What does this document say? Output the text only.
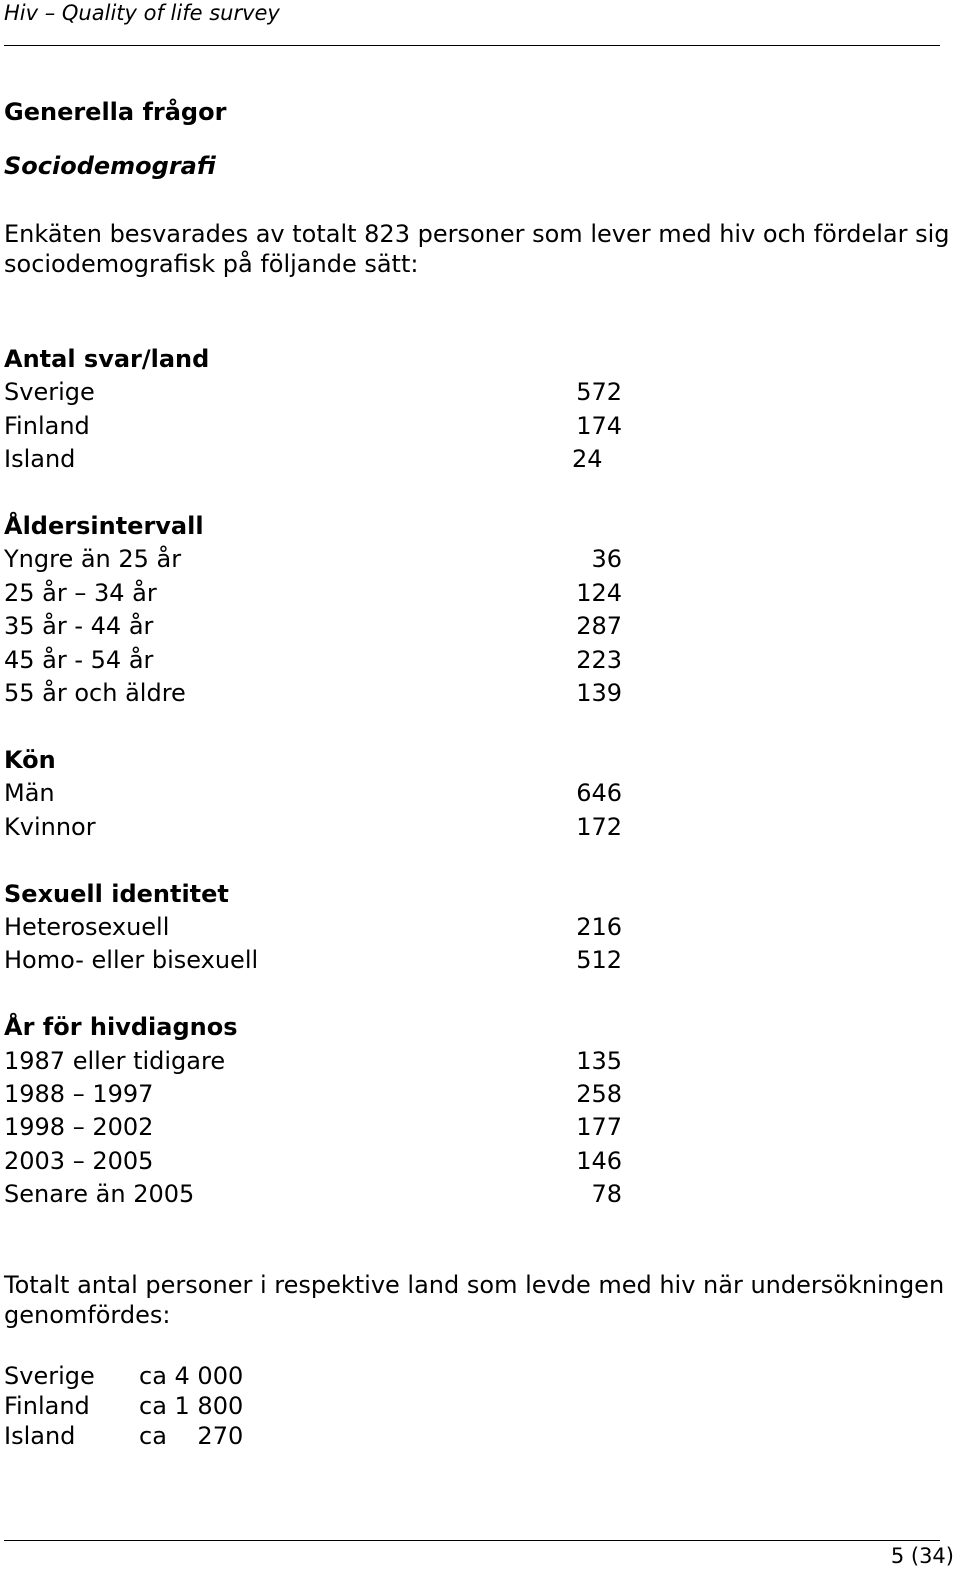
Hiv – Quality of life survey
Generella frågor
Sociodemografi
Enkäten besvarades av totalt 823 personer som lever med hiv och fördelar sig sociodemografisk på följande sätt:
Antal svar/land
Sverige	572
Finland	174
Island	24
Åldersintervall
Yngre än 25 år	36
25 år – 34 år	124
35 år - 44 år	287
45 år - 54 år	223
55 år och äldre	139
Kön
Män	646
Kvinnor	172
Sexuell identitet
Heterosexuell	216
Homo- eller bisexuell	512
År för hivdiagnos
1987 eller tidigare	135
1988 – 1997	258
1998 – 2002	177
2003 – 2005	146
Senare än 2005	78
Totalt antal personer i respektive land som levde med hiv när undersökningen genomfördes:
Sverige	ca 4 000
Finland	ca 1 800
Island	ca    270
5 (34)
